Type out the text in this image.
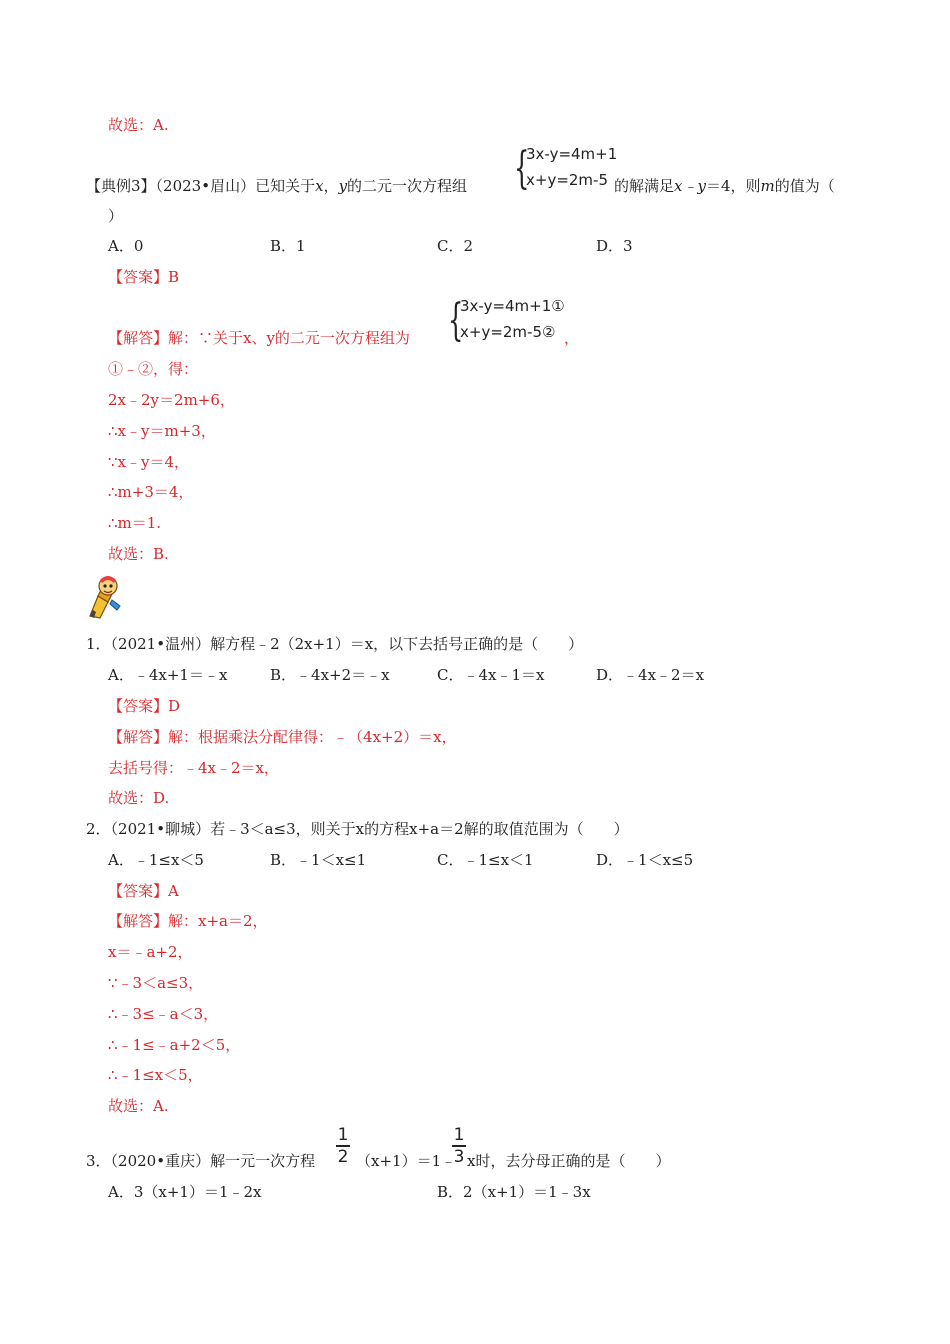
故选：A.
【典例3】（2023•眉山）已知关于x，y的二元一次方程组 {
3x-y=4m+1
x+y=2m-5 的解满足x﹣y＝4，则m的值为（
）
A．0	B．1	C．2	D．3
【答案】B
【解答】解：∵关于x、y的二元一次方程组为 {
3x-y=4m+1①
x+y=2m-5② ，
①﹣②，得：
2x﹣2y＝2m+6，
∴x﹣y＝m+3，
∵x﹣y＝4，
∴m+3＝4，
∴m＝1.
故选：B.
1．（2021•温州）解方程﹣2（2x+1）＝x，以下去括号正确的是（　　）
A．﹣4x+1＝﹣x	B．﹣4x+2＝﹣x	C．﹣4x﹣1＝x	D．﹣4x﹣2＝x
【答案】D
【解答】解：根据乘法分配律得：﹣（4x+2）＝x，
去括号得：﹣4x﹣2＝x，
故选：D.
2．（2021•聊城）若﹣3＜a≤3，则关于x的方程x+a＝2解的取值范围为（　　）
A．﹣1≤x＜5	B．﹣1＜x≤1	C．﹣1≤x＜1	D．﹣1＜x≤5
【答案】A
【解答】解：x+a＝2，
x＝﹣a+2，
∵﹣3＜a≤3，
∴﹣3≤﹣a＜3，
∴﹣1≤﹣a+2＜5，
∴﹣1≤x＜5，
故选：A.
3．（2020•重庆）解一元一次方程
1
2 （x+1）＝1﹣
1
3 x时，去分母正确的是（　　）
A．3（x+1）＝1﹣2x	B．2（x+1）＝1﹣3x
